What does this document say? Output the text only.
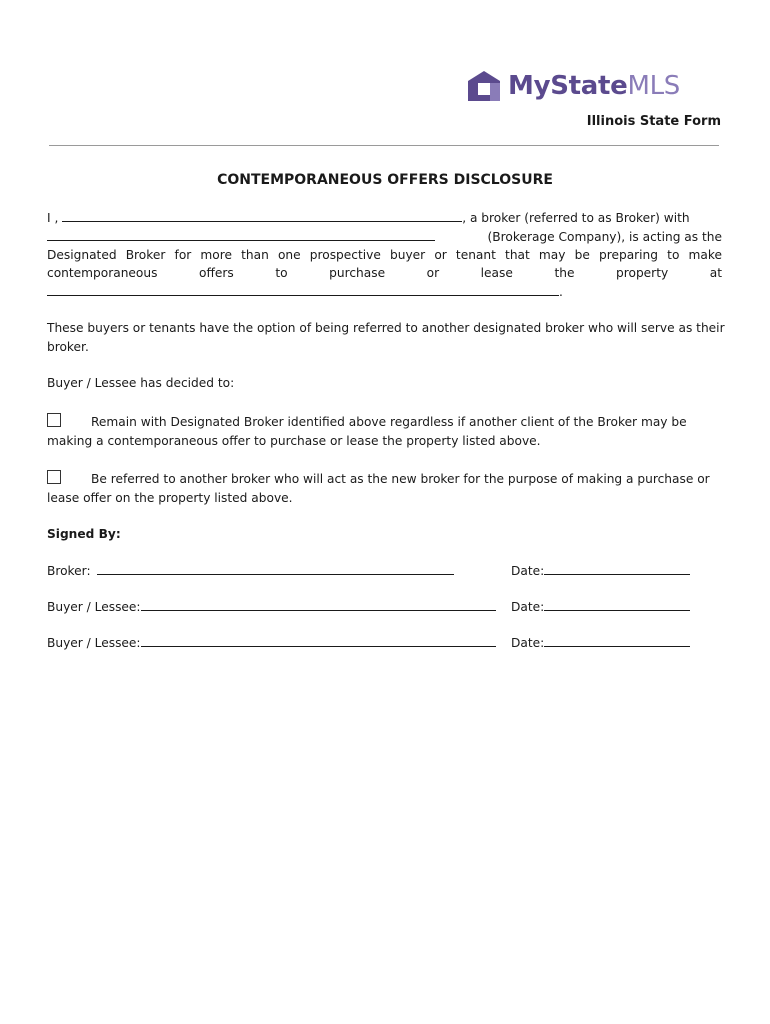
MyStateMLS
Illinois State Form
CONTEMPORANEOUS OFFERS DISCLOSURE
I ,	, a broker (referred to as Broker) with
(Brokerage Company), is acting as the
Designated Broker for more than one prospective buyer or tenant that may be preparing to make
contemporaneous	offers	to	purchase	or	lease	the	property	at
.
These buyers or tenants have the option of being referred to another designated broker who will serve as their broker.
Buyer / Lessee has decided to:
Remain with Designated Broker identified above regardless if another client of the Broker may be making a contemporaneous offer to purchase or lease the property listed above.
Be referred to another broker who will act as the new broker for the purpose of making a purchase or lease offer on the property listed above.
Signed By:
Broker:	Date:
Buyer / Lessee:	Date:
Buyer / Lessee:	Date:
